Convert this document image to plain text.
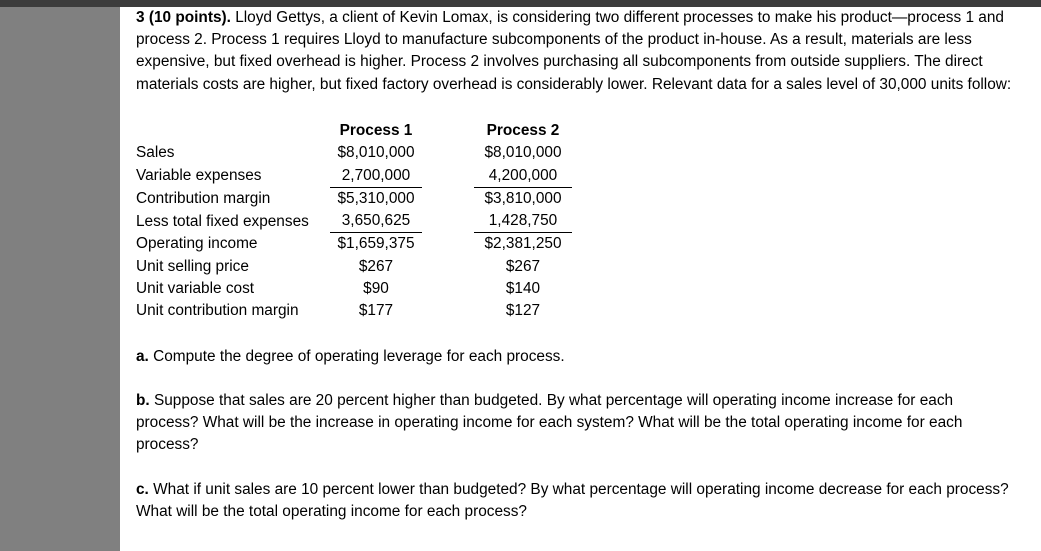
3 (10 points). Lloyd Gettys, a client of Kevin Lomax, is considering two different processes to make his product—process 1 and process 2. Process 1 requires Lloyd to manufacture subcomponents of the product in-house. As a result, materials are less expensive, but fixed overhead is higher. Process 2 involves purchasing all subcomponents from outside suppliers. The direct materials costs are higher, but fixed factory overhead is considerably lower. Relevant data for a sales level of 30,000 units follow:

	Process 1		Process 2
Sales	$8,010,000		$8,010,000
Variable expenses	2,700,000		4,200,000
Contribution margin	$5,310,000		$3,810,000
Less total fixed expenses	3,650,625		1,428,750
Operating income	$1,659,375		$2,381,250
Unit selling price	$267		$267
Unit variable cost	$90		$140
Unit contribution margin	$177		$127

a. Compute the degree of operating leverage for each process.

b. Suppose that sales are 20 percent higher than budgeted. By what percentage will operating income increase for each process? What will be the increase in operating income for each system? What will be the total operating income for each process?

c. What if unit sales are 10 percent lower than budgeted? By what percentage will operating income decrease for each process? What will be the total operating income for each process?
